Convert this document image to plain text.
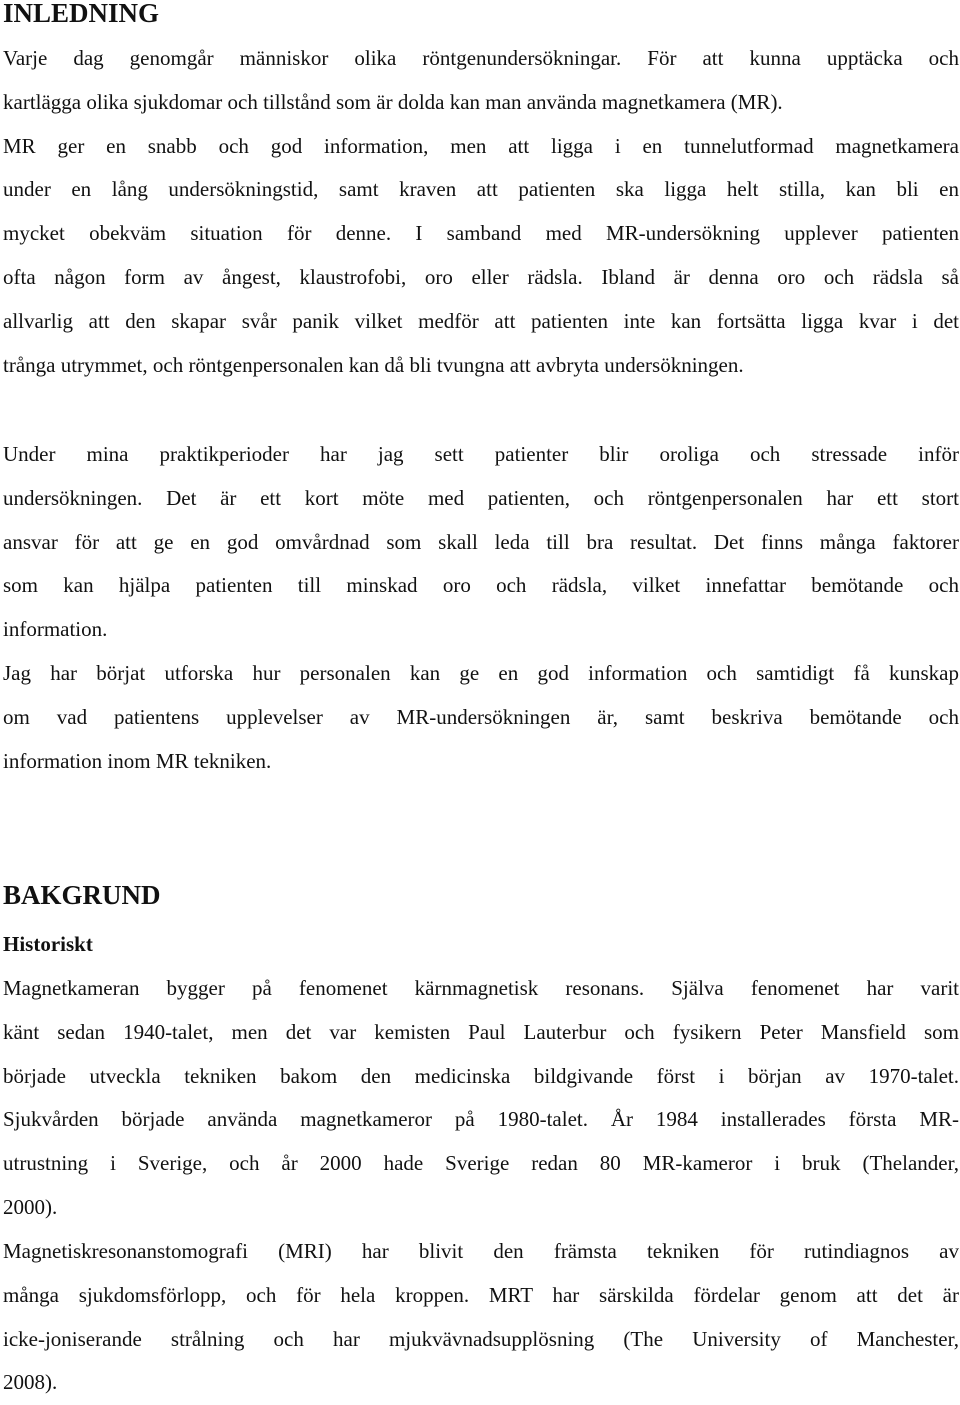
INLEDNING
Varje dag genomgår människor olika röntgenundersökningar. För att kunna upptäcka och
kartlägga olika sjukdomar och tillstånd som är dolda kan man använda magnetkamera (MR).
MR ger en snabb och god information, men att ligga i en tunnelutformad magnetkamera
under en lång undersökningstid, samt kraven att patienten ska ligga helt stilla, kan bli en
mycket obekväm situation för denne. I samband med MR-undersökning upplever patienten
ofta någon form av ångest, klaustrofobi, oro eller rädsla. Ibland är denna oro och rädsla så
allvarlig att den skapar svår panik vilket medför att patienten inte kan fortsätta ligga kvar i det
trånga utrymmet, och röntgenpersonalen kan då bli tvungna att avbryta undersökningen.
Under mina praktikperioder har jag sett patienter blir oroliga och stressade inför
undersökningen. Det är ett kort möte med patienten, och röntgenpersonalen har ett stort
ansvar för att ge en god omvårdnad som skall leda till bra resultat. Det finns många faktorer
som kan hjälpa patienten till minskad oro och rädsla, vilket innefattar bemötande och
information.
Jag har börjat utforska hur personalen kan ge en god information och samtidigt få kunskap
om vad patientens upplevelser av MR-undersökningen är, samt beskriva bemötande och
information inom MR tekniken.
BAKGRUND
Historiskt
Magnetkameran bygger på fenomenet kärnmagnetisk resonans. Själva fenomenet har varit
känt sedan 1940-talet, men det var kemisten Paul Lauterbur och fysikern Peter Mansfield som
började utveckla tekniken bakom den medicinska bildgivande först i början av 1970-talet.
Sjukvården började använda magnetkameror på 1980-talet. År 1984 installerades första MR-
utrustning i Sverige, och år 2000 hade Sverige redan 80 MR-kameror i bruk (Thelander,
2000).
Magnetiskresonanstomografi (MRI) har blivit den främsta tekniken för rutindiagnos av
många sjukdomsförlopp, och för hela kroppen. MRT har särskilda fördelar genom att det är
icke-joniserande strålning och har mjukvävnadsupplösning (The University of Manchester,
2008).
